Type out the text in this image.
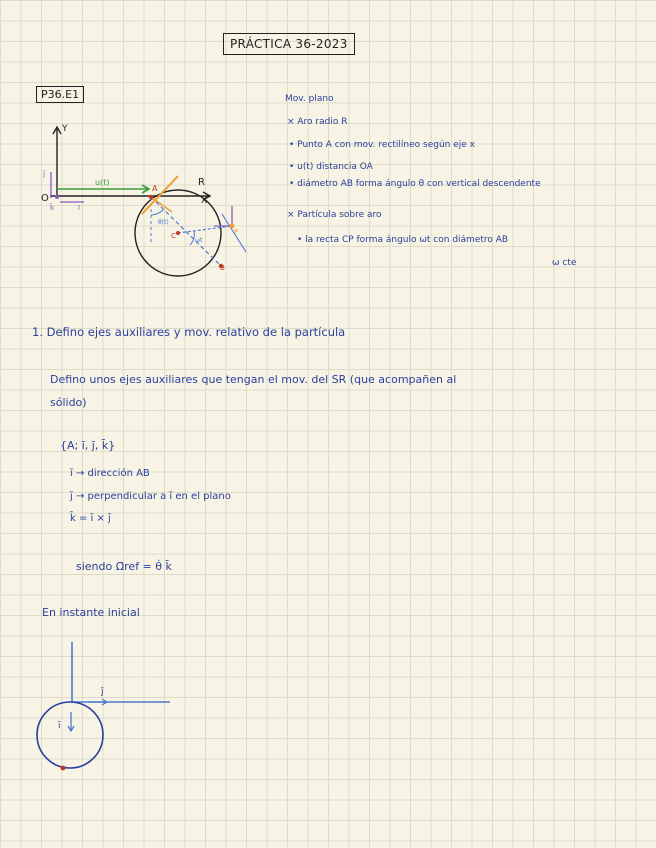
PRÁCTICA 36-2023
P36.E1
Y
X
O
u(t)	R
A
B
C	P
θ(t)
ωt
j̄
ī
k̄
Mov. plano
× Aro radio R
• Punto A con mov. rectilíneo según eje x
• u(t) distancia OA
• diámetro AB forma ángulo θ con vertical descendente
× Partícula sobre aro
• la recta CP forma ángulo ωt con diámetro AB
ω cte
1. Defino ejes auxiliares y mov. relativo de la partícula
Defino unos ejes auxiliares que tengan el mov. del SR (que acompañen al
sólido)
{A; ī, j̄, k̄}
ī → dirección AB
j̄ → perpendicular a ī en el plano
k̄ = ī × j̄
siendo Ω̄ref = θ̇ k̄
En instante inicial
ī
j̄
